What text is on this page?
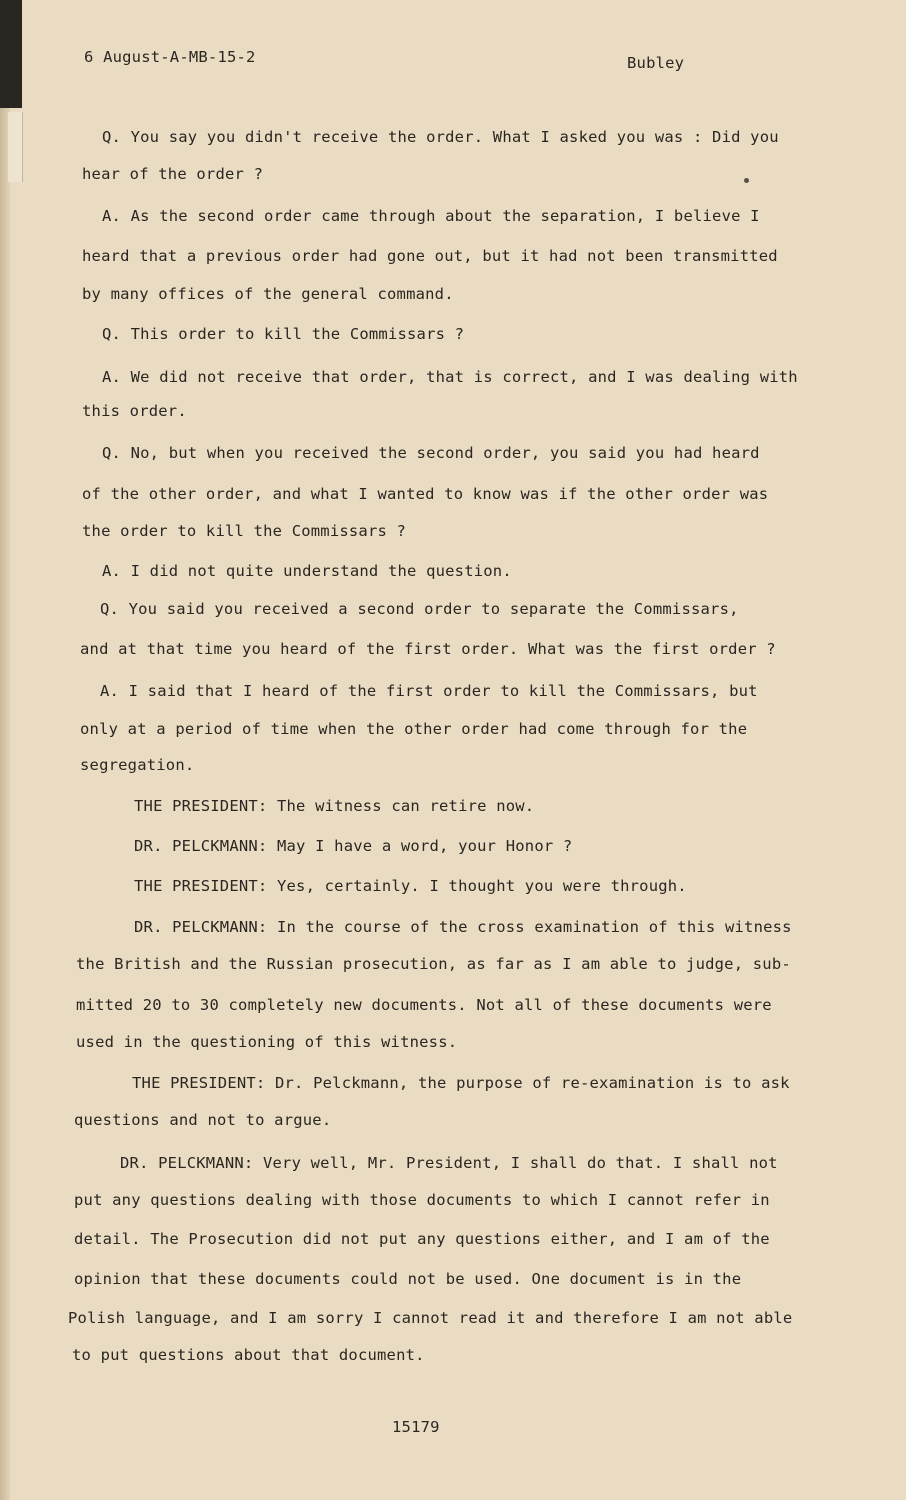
6 August-A-MB-15-2	Bubley
Q. You say you didn't receive the order. What I asked you was : Did you
hear of the order ?
A. As the second order came through about the separation, I believe I
heard that a previous order had gone out, but it had not been transmitted
by many offices of the general command.
Q. This order to kill the Commissars ?
A. We did not receive that order, that is correct, and I was dealing with
this order.
Q. No, but when you received the second order, you said you had heard
of the other order, and what I wanted to know was if the other order was
the order to kill the Commissars ?
A. I did not quite understand the question.
Q. You said you received a second order to separate the Commissars,
and at that time you heard of the first order. What was the first order ?
A. I said that I heard of the first order to kill the Commissars, but
only at a period of time when the other order had come through for the
segregation.
THE PRESIDENT: The witness can retire now.
DR. PELCKMANN: May I have a word, your Honor ?
THE PRESIDENT: Yes, certainly. I thought you were through.
DR. PELCKMANN: In the course of the cross examination of this witness
the British and the Russian prosecution, as far as I am able to judge, sub-
mitted 20 to 30 completely new documents. Not all of these documents were
used in the questioning of this witness.
THE PRESIDENT: Dr. Pelckmann, the purpose of re-examination is to ask
questions and not to argue.
DR. PELCKMANN: Very well, Mr. President, I shall do that. I shall not
put any questions dealing with those documents to which I cannot refer in
detail. The Prosecution did not put any questions either, and I am of the
opinion that these documents could not be used. One document is in the
Polish language, and I am sorry I cannot read it and therefore I am not able
to put questions about that document.
15179
